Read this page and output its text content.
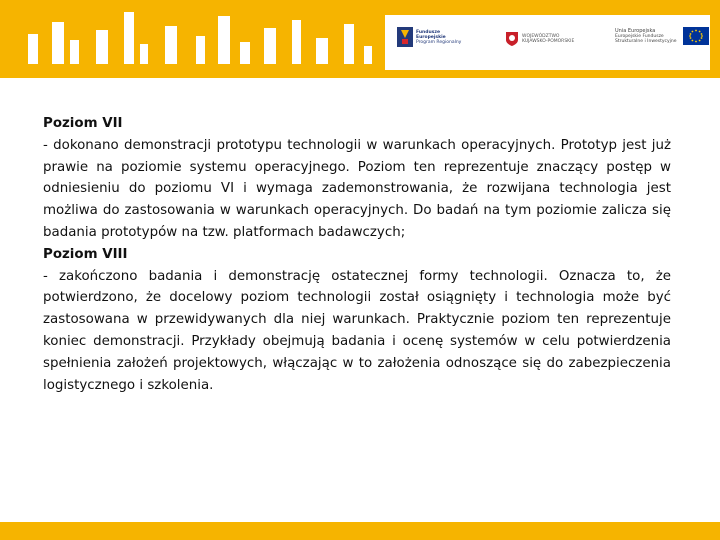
Fundusze
Europejskie
Program Regionalny
WOJEWÓDZTWO
KUJAWSKO-POMORSKIE
Unia Europejska
Europejskie Fundusze
Strukturalne i Inwestycyjne
Poziom VII
- dokonano demonstracji prototypu technologii w warunkach operacyjnych. Prototyp jest już prawie na poziomie systemu operacyjnego. Poziom ten reprezentuje znaczący postęp w odniesieniu do poziomu VI i wymaga zademonstrowania, że rozwijana technologia jest możliwa do zastosowania w warunkach operacyjnych. Do badań na tym poziomie zalicza się badania prototypów na tzw. platformach badawczych;
Poziom VIII
- zakończono badania i demonstrację ostatecznej formy technologii. Oznacza to, że potwierdzono, że docelowy poziom technologii został osiągnięty i technologia może być zastosowana w przewidywanych dla niej warunkach. Praktycznie poziom ten reprezentuje koniec demonstracji. Przykłady obejmują badania i ocenę systemów w celu potwierdzenia spełnienia założeń projektowych, włączając w to założenia odnoszące się do zabezpieczenia logistycznego i szkolenia.
